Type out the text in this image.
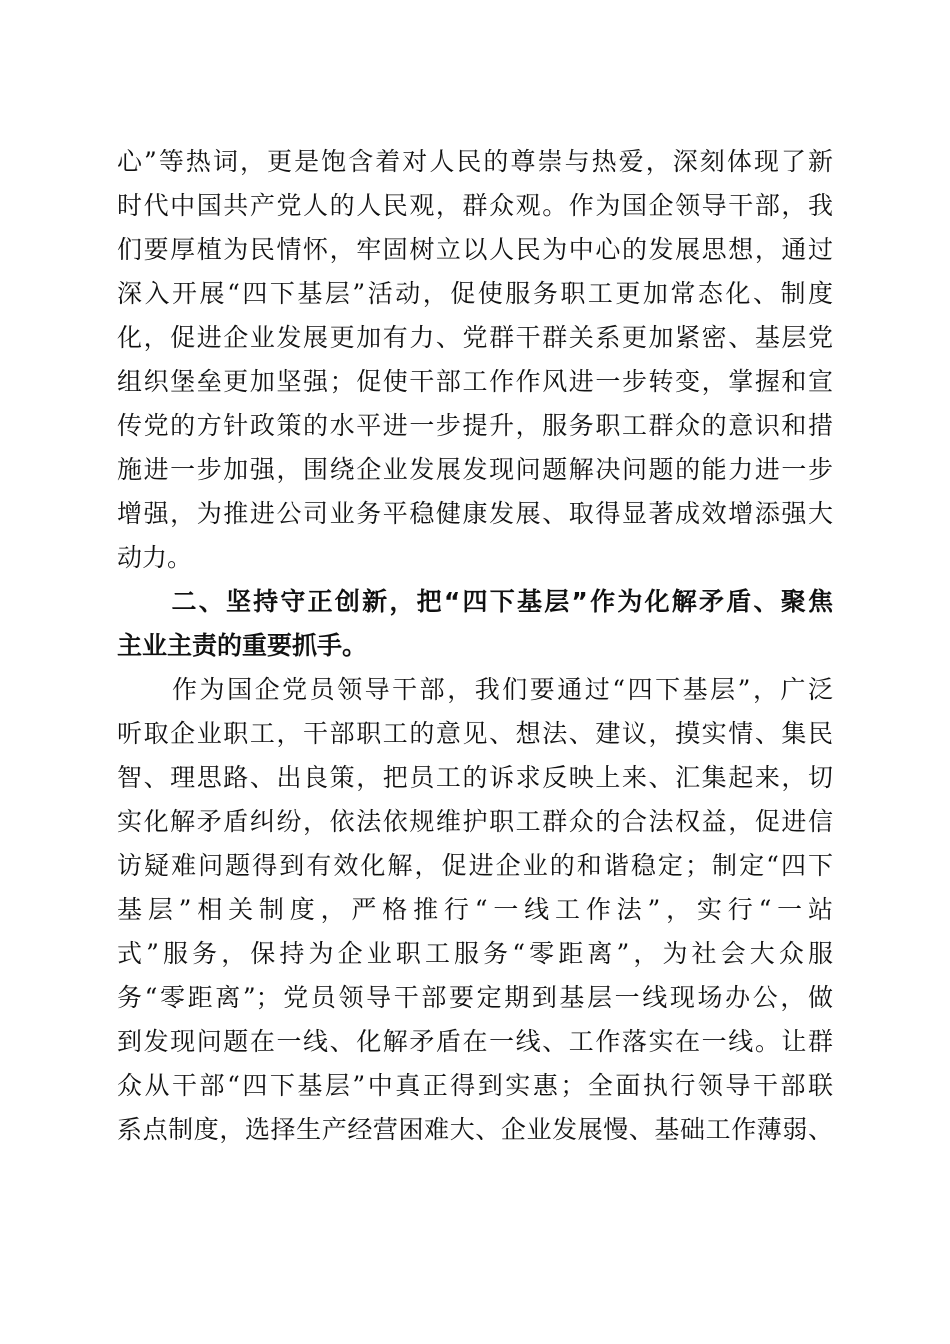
心”等热词，更是饱含着对人民的尊崇与热爱，深刻体现了新
时代中国共产党人的人民观，群众观。作为国企领导干部，我
们要厚植为民情怀，牢固树立以人民为中心的发展思想，通过
深入开展“四下基层”活动，促使服务职工更加常态化、制度
化，促进企业发展更加有力、党群干群关系更加紧密、基层党
组织堡垒更加坚强；促使干部工作作风进一步转变，掌握和宣
传党的方针政策的水平进一步提升，服务职工群众的意识和措
施进一步加强，围绕企业发展发现问题解决问题的能力进一步
增强，为推进公司业务平稳健康发展、取得显著成效增添强大
动力。
　　二、坚持守正创新，把“四下基层”作为化解矛盾、聚焦
主业主责的重要抓手。
　　作为国企党员领导干部，我们要通过“四下基层”，广泛
听取企业职工，干部职工的意见、想法、建议，摸实情、集民
智、理思路、出良策，把员工的诉求反映上来、汇集起来，切
实化解矛盾纠纷，依法依规维护职工群众的合法权益，促进信
访疑难问题得到有效化解，促进企业的和谐稳定；制定“四下
基层”相关制度，严格推行“一线工作法”，实行“一站
式”服务，保持为企业职工服务“零距离”，为社会大众服
务“零距离”；党员领导干部要定期到基层一线现场办公，做
到发现问题在一线、化解矛盾在一线、工作落实在一线。让群
众从干部“四下基层”中真正得到实惠；全面执行领导干部联
系点制度，选择生产经营困难大、企业发展慢、基础工作薄弱、
